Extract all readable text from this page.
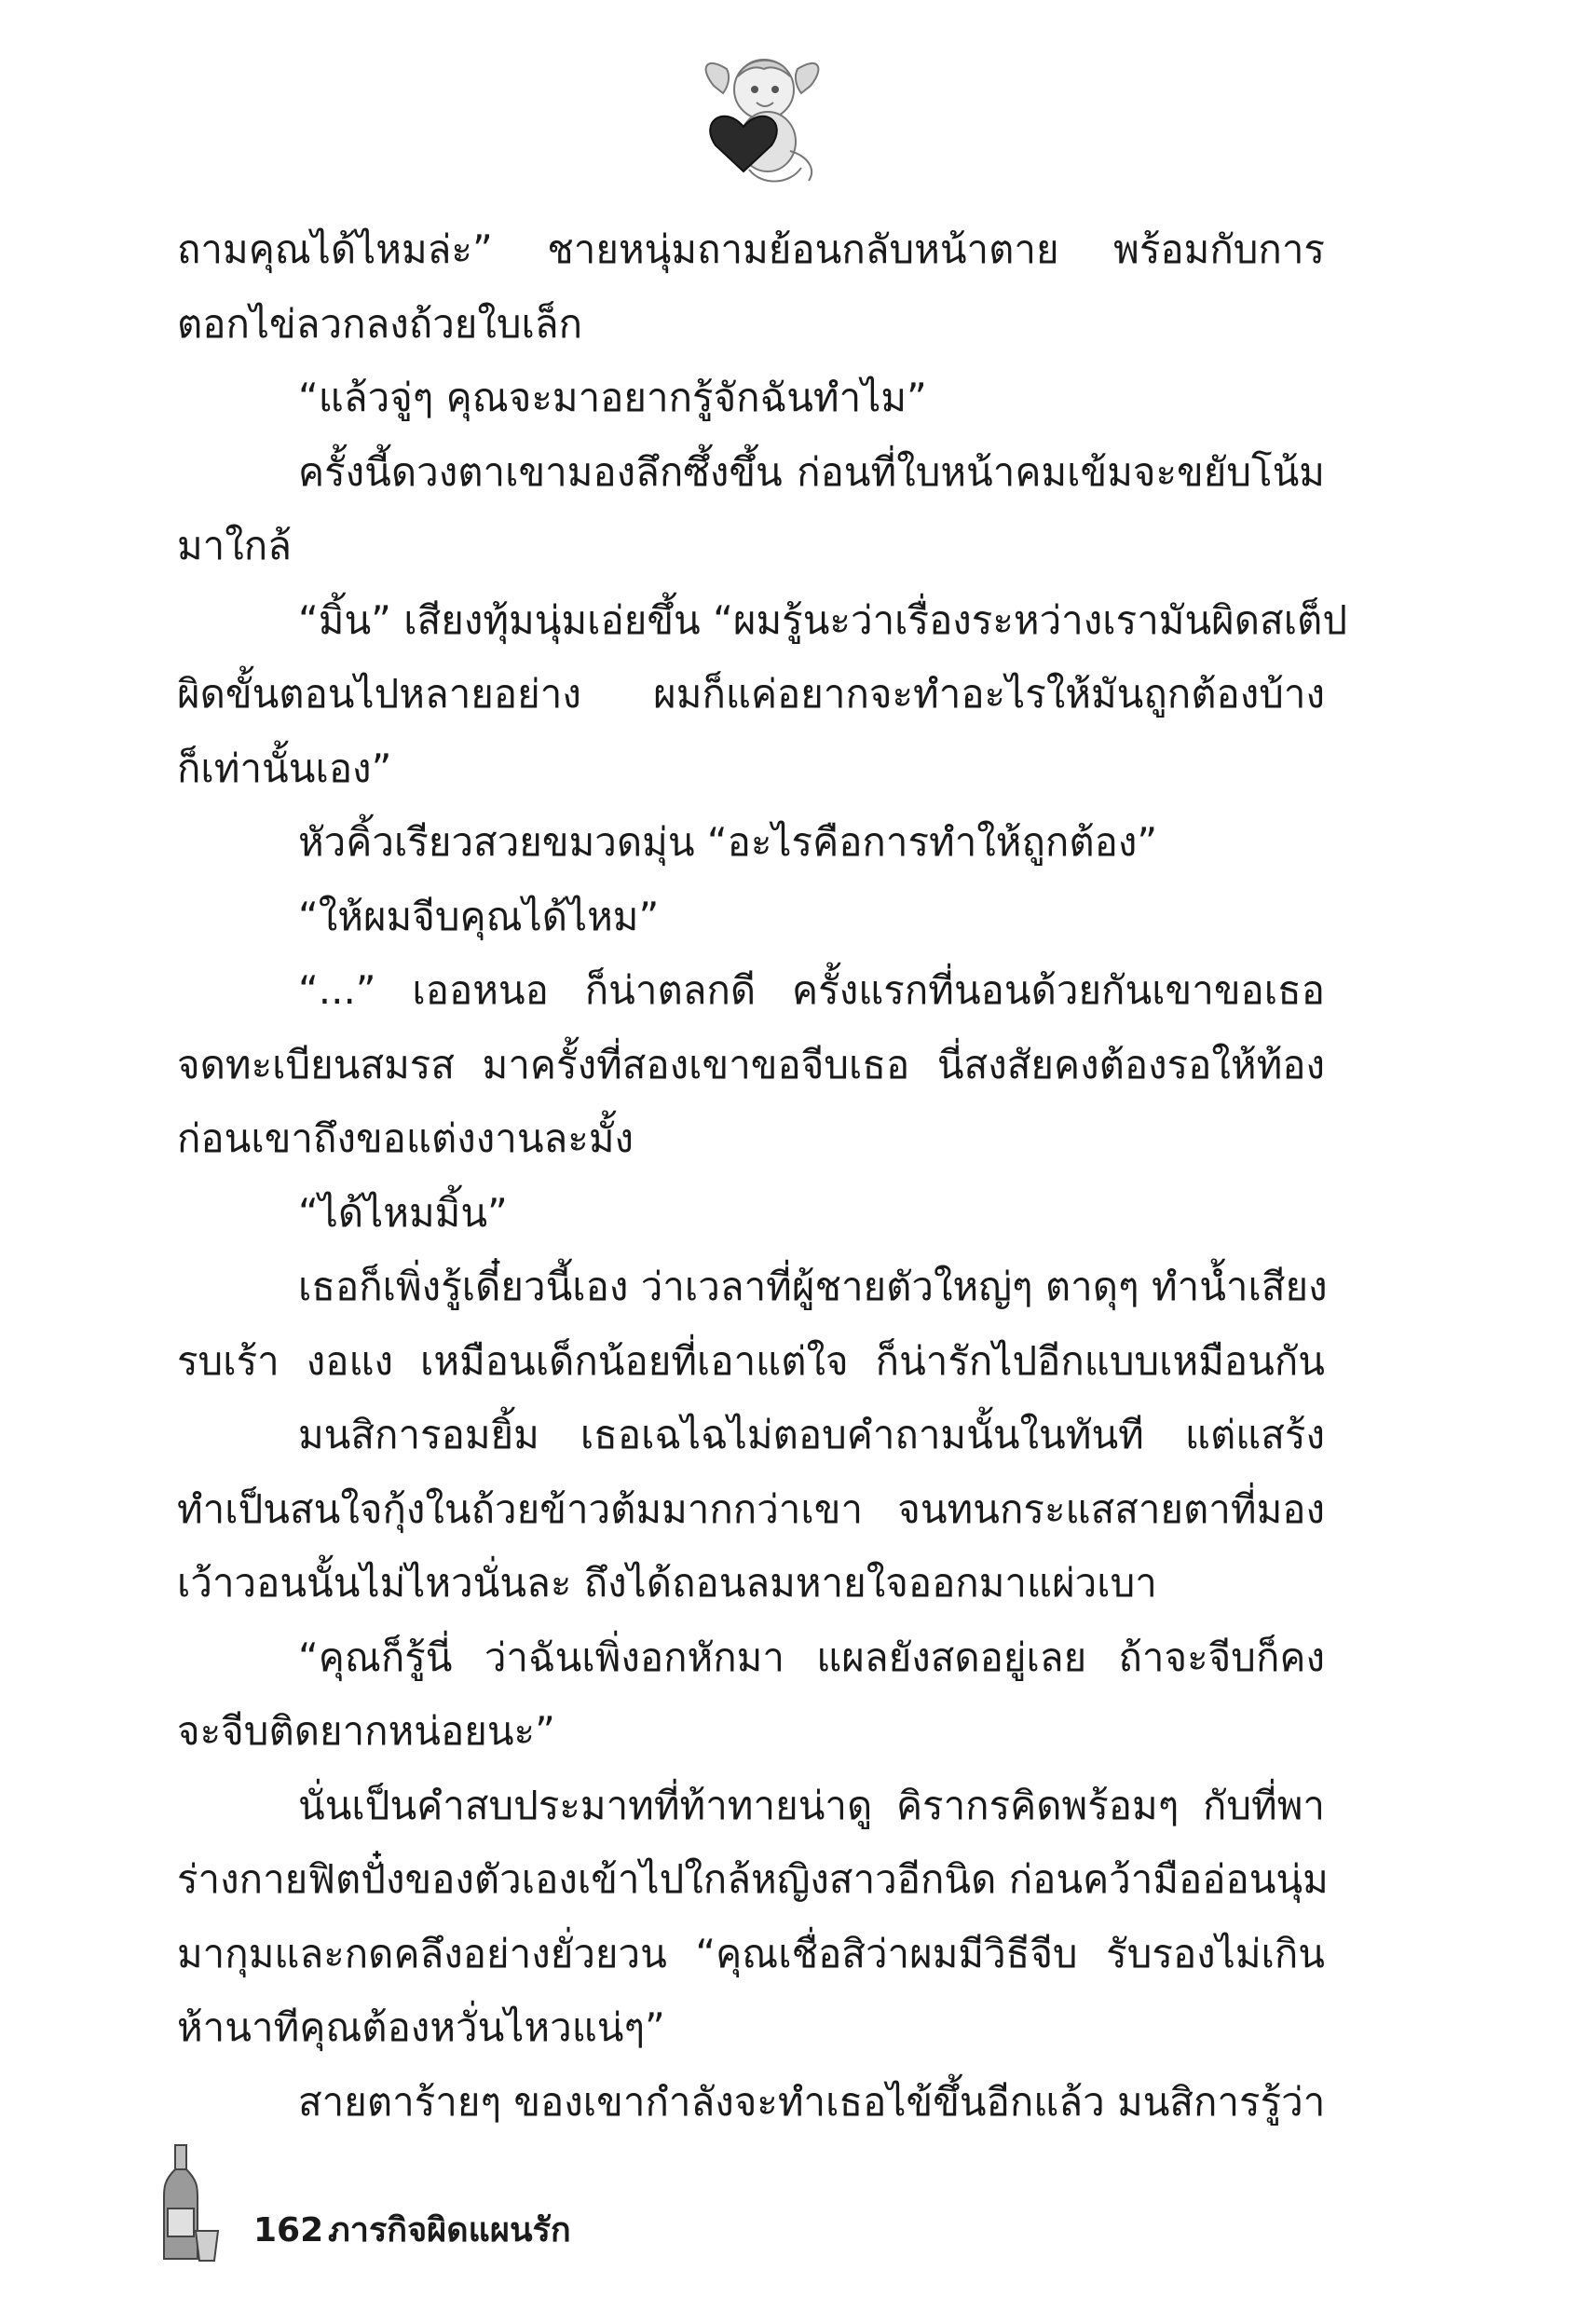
ถามคุณได้ไหมล่ะ” ชายหนุ่มถามย้อนกลับหน้าตาย พร้อมกับการ
ตอกไข่ลวกลงถ้วยใบเล็ก
“แล้วจู่ๆ คุณจะมาอยากรู้จักฉันทำไม”
ครั้งนี้ดวงตาเขามองลึกซึ้งขึ้น ก่อนที่ใบหน้าคมเข้มจะขยับโน้ม
มาใกล้
“มิ้น” เสียงทุ้มนุ่มเอ่ยขึ้น “ผมรู้นะว่าเรื่องระหว่างเรามันผิดสเต็ป
ผิดขั้นตอนไปหลายอย่าง ผมก็แค่อยากจะทำอะไรให้มันถูกต้องบ้าง
ก็เท่านั้นเอง”
หัวคิ้วเรียวสวยขมวดมุ่น “อะไรคือการทำให้ถูกต้อง”
“ให้ผมจีบคุณได้ไหม”
“...” เออหนอ ก็น่าตลกดี ครั้งแรกที่นอนด้วยกันเขาขอเธอ
จดทะเบียนสมรส มาครั้งที่สองเขาขอจีบเธอ นี่สงสัยคงต้องรอให้ท้อง
ก่อนเขาถึงขอแต่งงานละมั้ง
“ได้ไหมมิ้น”
เธอก็เพิ่งรู้เดี๋ยวนี้เอง ว่าเวลาที่ผู้ชายตัวใหญ่ๆ ตาดุๆ ทำน้ำเสียง
รบเร้า งอแง เหมือนเด็กน้อยที่เอาแต่ใจ ก็น่ารักไปอีกแบบเหมือนกัน
มนสิการอมยิ้ม เธอเฉไฉไม่ตอบคำถามนั้นในทันที แต่แสร้ง
ทำเป็นสนใจกุ้งในถ้วยข้าวต้มมากกว่าเขา จนทนกระแสสายตาที่มอง
เว้าวอนนั้นไม่ไหวนั่นละ ถึงได้ถอนลมหายใจออกมาแผ่วเบา
“คุณก็รู้นี่ ว่าฉันเพิ่งอกหักมา แผลยังสดอยู่เลย ถ้าจะจีบก็คง
จะจีบติดยากหน่อยนะ”
นั่นเป็นคำสบประมาทที่ท้าทายน่าดู คิรากรคิดพร้อมๆ กับที่พา
ร่างกายฟิตปั๋งของตัวเองเข้าไปใกล้หญิงสาวอีกนิด ก่อนคว้ามืออ่อนนุ่ม
มากุมและกดคลึงอย่างยั่วยวน “คุณเชื่อสิว่าผมมีวิธีจีบ รับรองไม่เกิน
ห้านาทีคุณต้องหวั่นไหวแน่ๆ”
สายตาร้ายๆ ของเขากำลังจะทำเธอไข้ขึ้นอีกแล้ว มนสิการรู้ว่า
162 ภารกิจผิดแผนรัก
